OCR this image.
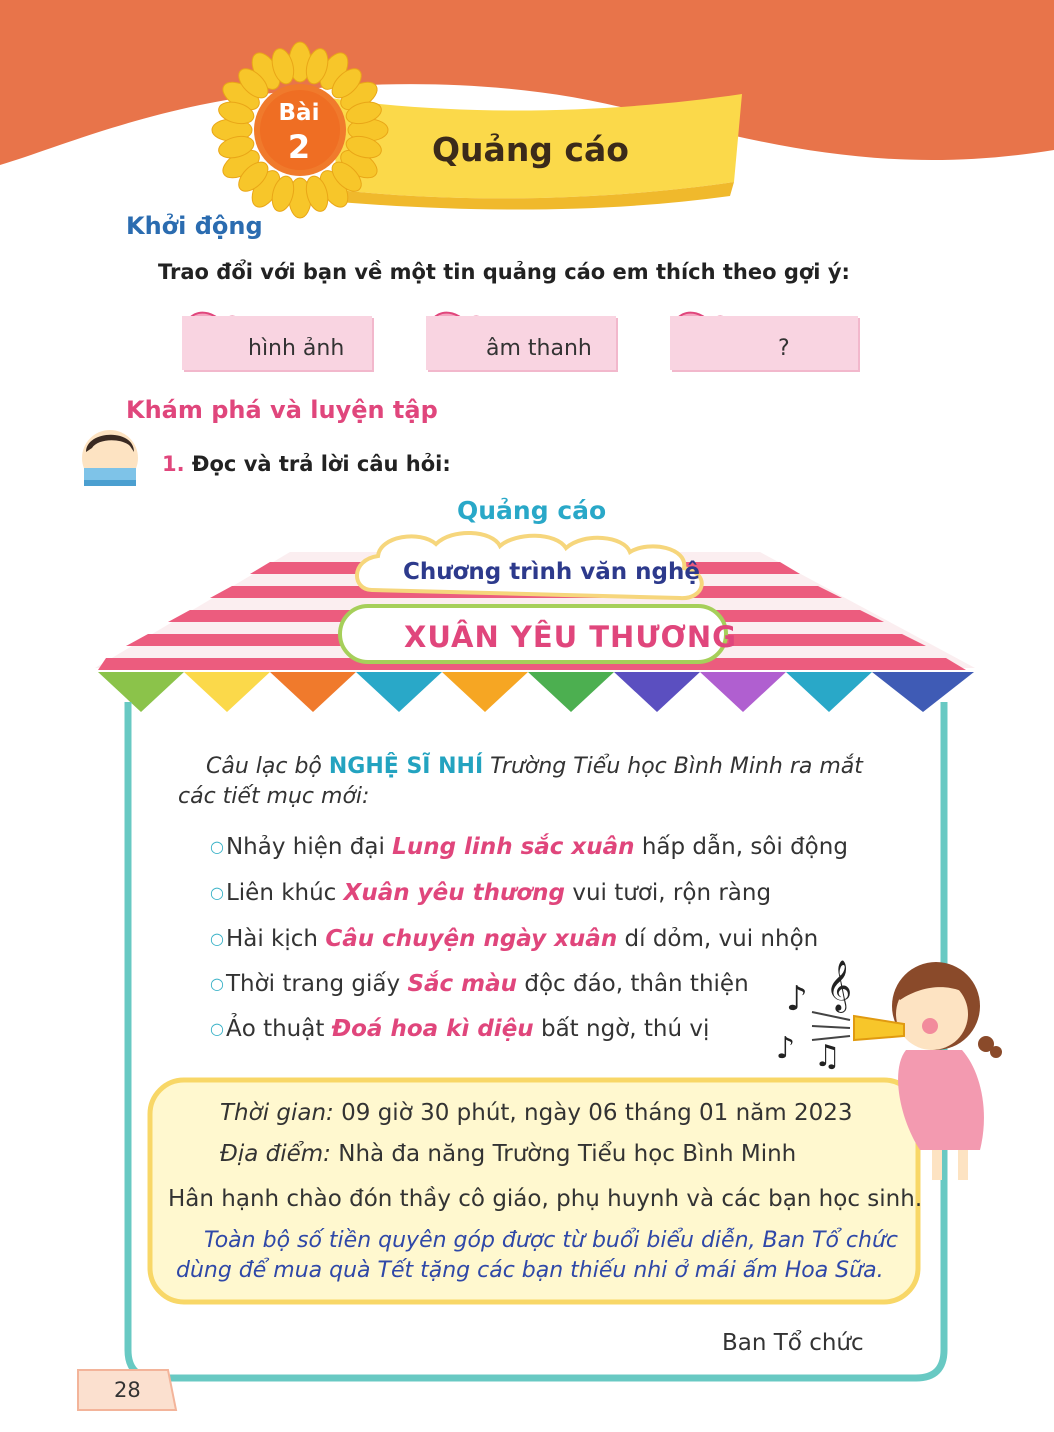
♪ 𝄞
♪ ♫
Bài
2	Quảng cáo
Khởi động
Trao đổi với bạn về một tin quảng cáo em thích theo gợi ý:
hình ảnh	âm thanh	?
Khám phá và luyện tập
1. Đọc và trả lời câu hỏi:
Quảng cáo
Chương trình văn nghệ
XUÂN YÊU THƯƠNG
Câu lạc bộ NGHỆ SĨ NHÍ Trường Tiểu học Bình Minh ra mắt
các tiết mục mới:
○Nhảy hiện đại Lung linh sắc xuân hấp dẫn, sôi động
○Liên khúc Xuân yêu thương vui tươi, rộn ràng
○Hài kịch Câu chuyện ngày xuân dí dỏm, vui nhộn
○Thời trang giấy Sắc màu độc đáo, thân thiện
○Ảo thuật Đoá hoa kì diệu bất ngờ, thú vị
Thời gian: 09 giờ 30 phút, ngày 06 tháng 01 năm 2023
Địa điểm: Nhà đa năng Trường Tiểu học Bình Minh
Hân hạnh chào đón thầy cô giáo, phụ huynh và các bạn học sinh.
Toàn bộ số tiền quyên góp được từ buổi biểu diễn, Ban Tổ chức
dùng để mua quà Tết tặng các bạn thiếu nhi ở mái ấm Hoa Sữa.
Ban Tổ chức
28
